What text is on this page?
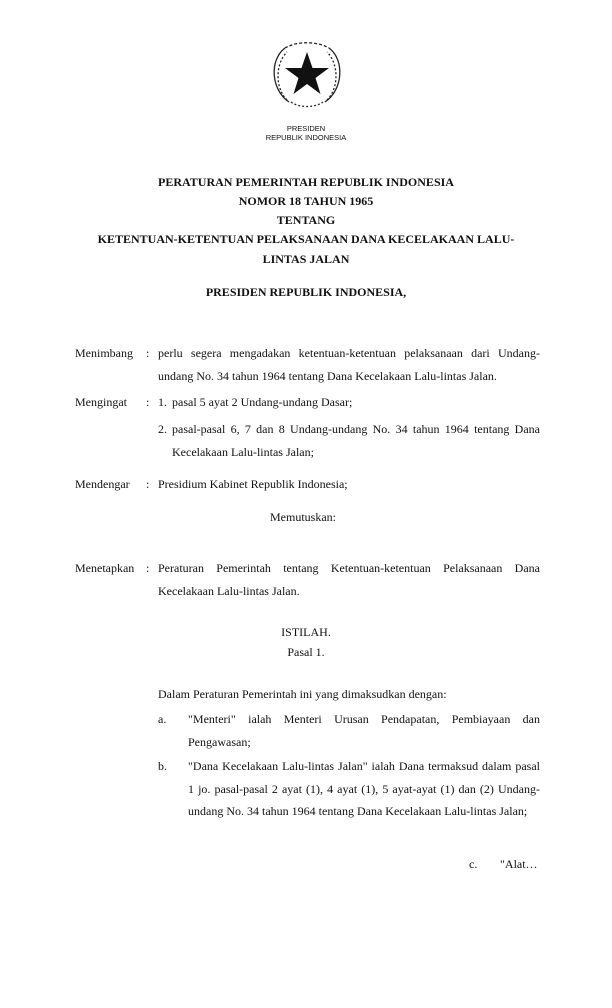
PRESIDEN
REPUBLIK INDONESIA
PERATURAN PEMERINTAH REPUBLIK INDONESIA
NOMOR 18 TAHUN 1965
TENTANG
KETENTUAN-KETENTUAN PELAKSANAAN DANA KECELAKAAN LALU-
LINTAS JALAN
PRESIDEN REPUBLIK INDONESIA,
Menimbang : perlu segera mengadakan ketentuan-ketentuan pelaksanaan dari Undang-undang No. 34 tahun 1964 tentang Dana Kecelakaan Lalu-lintas Jalan.
Mengingat : 1. pasal 5 ayat 2 Undang-undang Dasar;
2. pasal-pasal 6, 7 dan 8 Undang-undang No. 34 tahun 1964 tentang Dana Kecelakaan Lalu-lintas Jalan;
Mendengar : Presidium Kabinet Republik Indonesia;
Memutuskan:
Menetapkan : Peraturan Pemerintah tentang Ketentuan-ketentuan Pelaksanaan Dana Kecelakaan Lalu-lintas Jalan.
ISTILAH.
Pasal 1.
Dalam Peraturan Pemerintah ini yang dimaksudkan dengan:
a. "Menteri" ialah Menteri Urusan Pendapatan, Pembiayaan dan Pengawasan;
b. "Dana Kecelakaan Lalu-lintas Jalan" ialah Dana termaksud dalam pasal 1 jo. pasal-pasal 2 ayat (1), 4 ayat (1), 5 ayat-ayat (1) dan (2) Undang-undang No. 34 tahun 1964 tentang Dana Kecelakaan Lalu-lintas Jalan;
c. "Alat…
